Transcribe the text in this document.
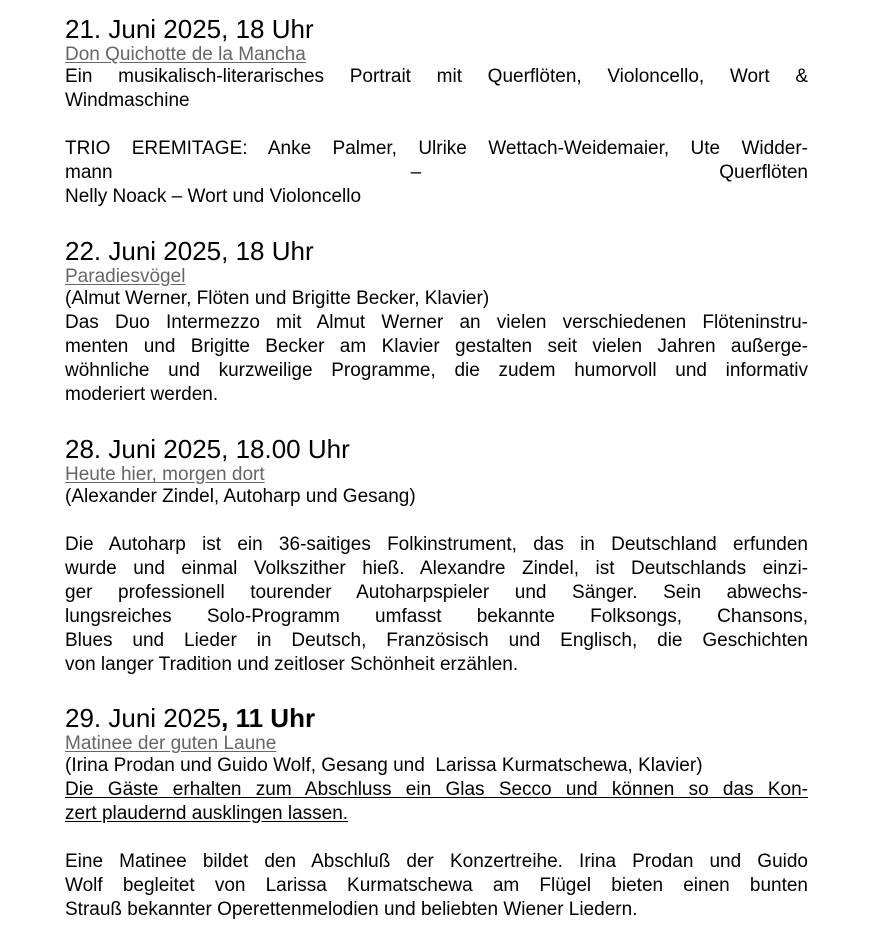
21. Juni 2025, 18 Uhr
Don Quichotte de la Mancha
Ein musikalisch-literarisches Portrait mit Querflöten, Violoncello, Wort &
Windmaschine
TRIO EREMITAGE: Anke Palmer, Ulrike Wettach-Weidemaier, Ute Widder-
mann – Querflöten
Nelly Noack – Wort und Violoncello
22. Juni 2025, 18 Uhr
Paradiesvögel
(Almut Werner, Flöten und Brigitte Becker, Klavier)
Das Duo Intermezzo mit Almut Werner an vielen verschiedenen Flöteninstru-
menten und Brigitte Becker am Klavier gestalten seit vielen Jahren außerge-
wöhnliche und kurzweilige Programme, die zudem humorvoll und informativ
moderiert werden.
28. Juni 2025, 18.00 Uhr
Heute hier, morgen dort
(Alexander Zindel, Autoharp und Gesang)
Die Autoharp ist ein 36-saitiges Folkinstrument, das in Deutschland erfunden
wurde und einmal Volkszither hieß. Alexandre Zindel, ist Deutschlands einzi-
ger professionell tourender Autoharpspieler und Sänger. Sein abwechs-
lungsreiches Solo-Programm umfasst bekannte Folksongs, Chansons,
Blues und Lieder in Deutsch, Französisch und Englisch, die Geschichten
von langer Tradition und zeitloser Schönheit erzählen.
29. Juni 2025, 11 Uhr
Matinee der guten Laune
(Irina Prodan und Guido Wolf, Gesang und  Larissa Kurmatschewa, Klavier)
Die Gäste erhalten zum Abschluss ein Glas Secco und können so das Kon-
zert plaudernd ausklingen lassen.
Eine Matinee bildet den Abschluß der Konzertreihe. Irina Prodan und Guido
Wolf begleitet von Larissa Kurmatschewa am Flügel bieten einen bunten
Strauß bekannter Operettenmelodien und beliebten Wiener Liedern.
